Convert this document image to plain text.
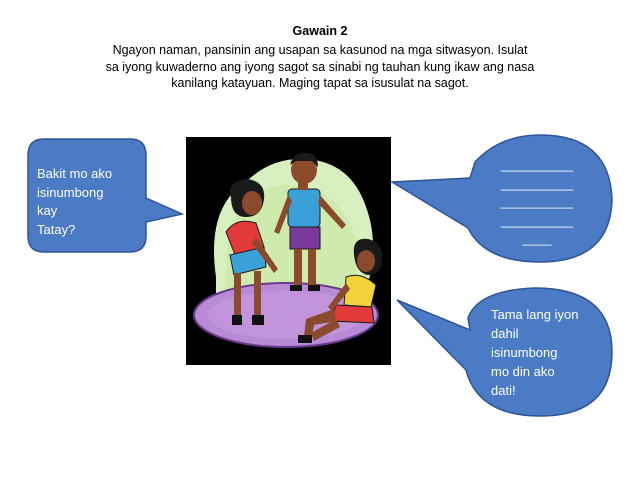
Gawain 2
Ngayon naman, pansinin ang usapan sa kasunod na mga sitwasyon. Isulat
sa iyong kuwaderno ang iyong sagot sa sinabi ng tauhan kung ikaw ang nasa
kanilang katayuan. Maging tapat sa isusulat na sagot.
Bakit mo ako
isinumbong
kay
Tatay?
__________
__________
__________
__________
____
Tama lang iyon
dahil
isinumbong
mo din ako
dati!
